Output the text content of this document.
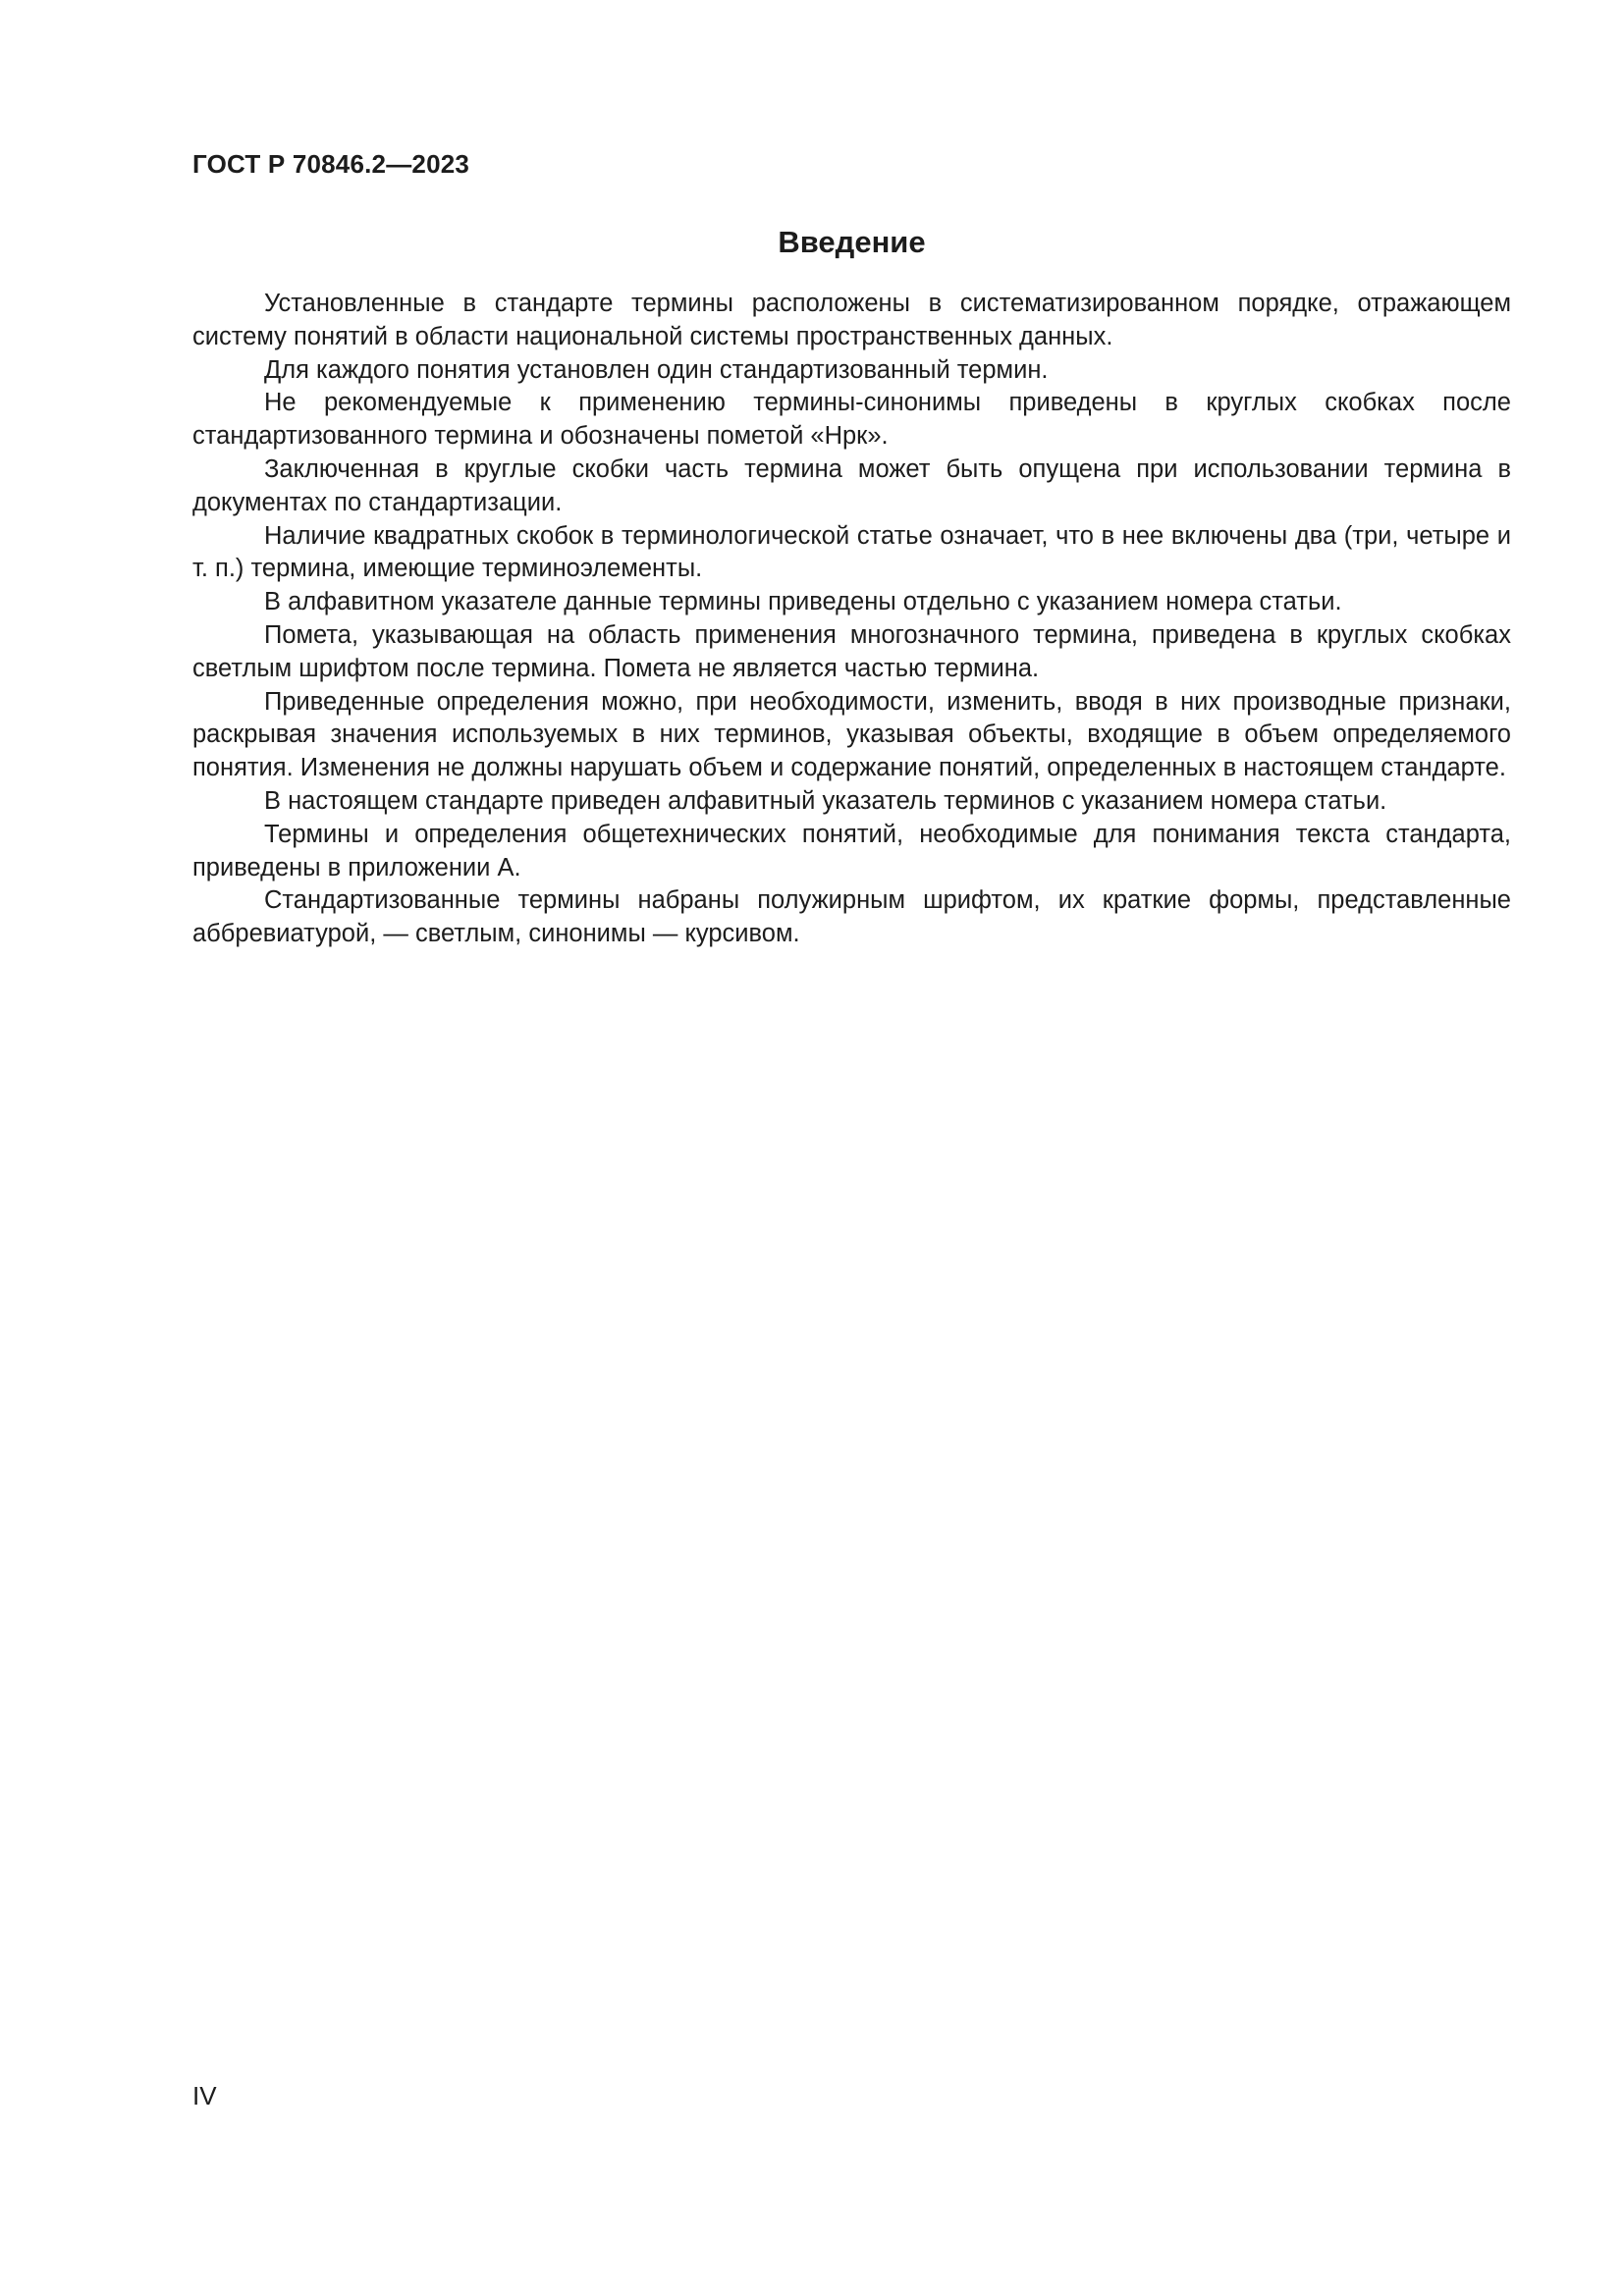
ГОСТ Р 70846.2—2023
Введение

Установленные в стандарте термины расположены в систематизированном порядке, отражающем систему понятий в области национальной системы пространственных данных.

Для каждого понятия установлен один стандартизованный термин.

Не рекомендуемые к применению термины-синонимы приведены в круглых скобках после стандартизованного термина и обозначены пометой «Нрк».

Заключенная в круглые скобки часть термина может быть опущена при использовании термина в документах по стандартизации.

Наличие квадратных скобок в терминологической статье означает, что в нее включены два (три, четыре и т. п.) термина, имеющие терминоэлементы.

В алфавитном указателе данные термины приведены отдельно с указанием номера статьи.

Помета, указывающая на область применения многозначного термина, приведена в круглых скобках светлым шрифтом после термина. Помета не является частью термина.

Приведенные определения можно, при необходимости, изменить, вводя в них производные признаки, раскрывая значения используемых в них терминов, указывая объекты, входящие в объем определяемого понятия. Изменения не должны нарушать объем и содержание понятий, определенных в настоящем стандарте.

В настоящем стандарте приведен алфавитный указатель терминов с указанием номера статьи.

Термины и определения общетехнических понятий, необходимые для понимания текста стандарта, приведены в приложении А.

Стандартизованные термины набраны полужирным шрифтом, их краткие формы, представленные аббревиатурой, — светлым, синонимы — курсивом.

IV
